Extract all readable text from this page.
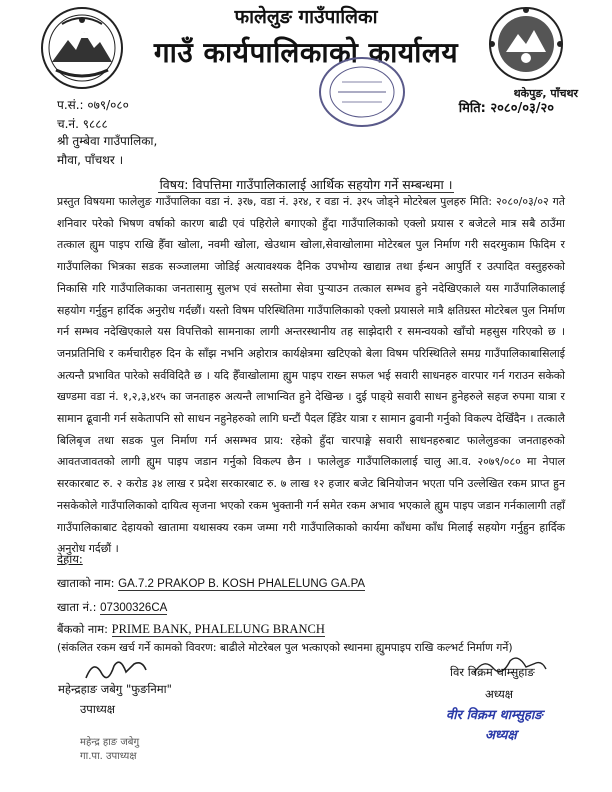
फालेलुङ गाउँपालिका
गाउँ कार्यपालिकाको कार्यालय
थकेपुङ, पाँचथर
प.सं.: ०७९/०८०
च.नं. ९८८८
मिति: २०८०/०३/२०
श्री तुम्बेवा गाउँपालिका,
मौवा, पाँचथर ।
विषय: विपत्तिमा गाउँपालिकालाई आर्थिक सहयोग गर्ने सम्बन्धमा ।

प्रस्तुत विषयमा फालेलुङ गाउँपालिका वडा नं. ३र७, वडा नं. ३र४, र वडा नं. ३र५ जोड्ने मोटरेबल पुलहरु मिति: २०८०/०३/०२ गते शनिवार परेको भिषण वर्षाको कारण बाढी एवं पहिरोले बगाएको हुँदा गाउँपालिकाको एक्लो प्रयास र बजेटले मात्र सबै ठाउँमा तत्काल ह्युम पाइप राखि हैँवा खोला, नवमी खोला, खेउथाम खोला,सेवाखोलामा मोटेरबल पुल निर्माण गरी सदरमुकाम फिदिम र गाउँपालिका भित्रका सडक सञ्जालमा जोडिई अत्यावश्यक दैनिक उपभोग्य खाद्यान्न तथा ईन्धन आपुर्ति र उत्पादित वस्तुहरुको निकासि गरि गाउँपालिकाका जनतासामु सुलभ एवं सस्तोमा सेवा पुऱ्याउन तत्काल सम्भव हुने नदेखिएकाले यस गाउँपालिकालाई सहयोग गर्नुहुन हार्दिक अनुरोध गर्दछौं। यस्तो विषम परिस्थितिमा गाउँपालिकाको एक्लो प्रयासले मात्रै क्षतिग्रस्त मोटरेबल पुल निर्माण गर्न सम्भव नदेखिएकाले यस विपत्तिको सामनाका लागी अन्तरस्थानीय तह साझेदारी र समन्वयको खाँचो महसुस गरिएको छ । जनप्रतिनिधि र कर्मचारीहरु दिन के साँझ नभनि अहोरात्र कार्यक्षेत्रमा खटिएको बेला विषम परिस्थितिले समग्र गाउँपालिकाबासिलाई अत्यन्तै प्रभावित पारेको सर्वविदितै छ । यदि हैँवाखोलामा ह्युम पाइप राख्न सफल भई सवारी साधनहरु वारपार गर्न गराउन सकेको खण्डमा वडा नं. १,२,३,४र५ का जनताहरु अत्यन्तै लाभान्वित हुने देखिन्छ । दुई पाङ्ग्रे सवारी साधन हुनेहरुले सहज रुपमा यात्रा र सामान ढूवानी गर्न सकेतापनि सो साधन नहुनेहरुको लागि घन्टौं पैदल हिँडेर यात्रा र सामान ढुवानी गर्नुको विकल्प देखिँदैन । तत्कालै बिलिबृज तथा सडक पुल निर्माण गर्न असम्भव प्राय: रहेको हुँदा चारपाङ्गे सवारी साधनहरुबाट फालेलुङका जनताहरुको आवतजावतको लागी ह्युम पाइप जडान गर्नुको विकल्प छैन । फालेलुङ गाउँपालिकालाई चालु आ.व. २०७९/०८० मा नेपाल सरकारबाट रु. २ करोड ३४ लाख र प्रदेश सरकारबाट रु. ७ लाख १२ हजार बजेट बिनियोजन भएता पनि उल्लेखित रकम प्राप्त हुन नसकेकोले गाउँपालिकाको दायित्व सृजना भएको रकम भुक्तानी गर्न समेत रकम अभाव भएकाले ह्युम पाइप जडान गर्नकालागी तहाँ गाउँपालिकाबाट देहायको खातामा यथासक्य रकम जम्मा गरी गाउँपालिकाको कार्यमा काँधमा काँध मिलाई सहयोग गर्नुहुन हार्दिक अनुरोध गर्दछौं ।

देहाय:
खाताको नाम: GA.7.2 PRAKOP B. KOSH PHALELUNG GA.PA
खाता नं.: 07300326CA
बैंकको नाम: PRIME BANK, PHALELUNG BRANCH
(संकलित रकम खर्च गर्ने कामको विवरण: बाढीले मोटरेबल पुल भत्काएको स्थानमा ह्युमपाइप राखि कल्भर्ट निर्माण गर्ने)
महेन्द्रहाङ जबेगु "फुङनिमा"
उपाध्यक्ष
महेन्द्र हाङ जबेगु
गा.पा. उपाध्यक्ष
विर विक्रम थाम्सुहाङ
अध्यक्ष
वीर विक्रम थाम्सुहाङ
अध्यक्ष
